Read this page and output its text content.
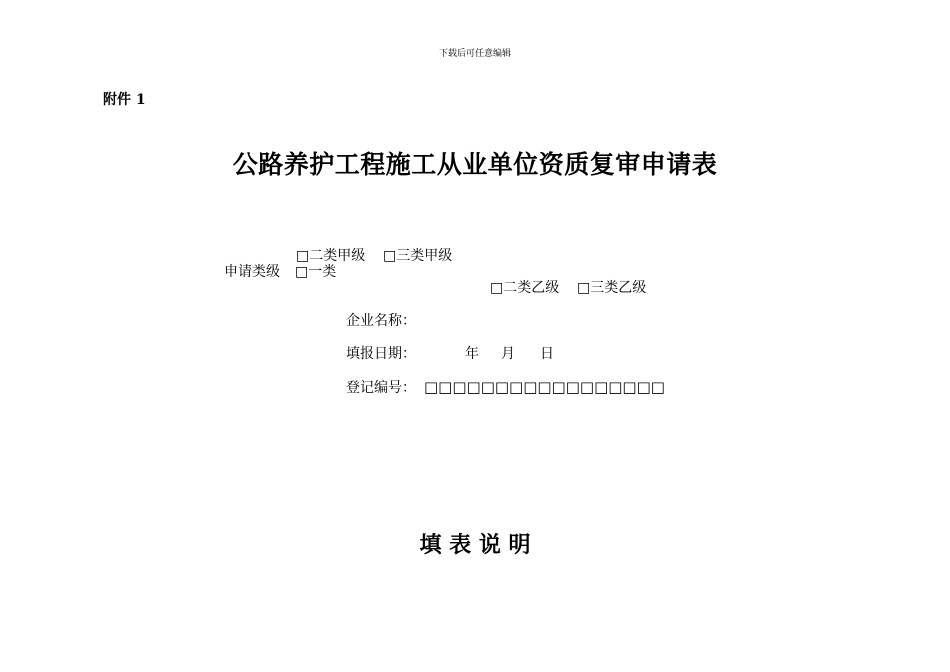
下载后可任意编辑
附件 1
公路养护工程施工从业单位资质复审申请表
□二类甲级 □三类甲级
申请类级 □一类
□二类乙级 □三类乙级
企业名称：
填报日期：	年 月 日
登记编号： □□□□□□□□□□□□□□□□□
填 表 说 明
